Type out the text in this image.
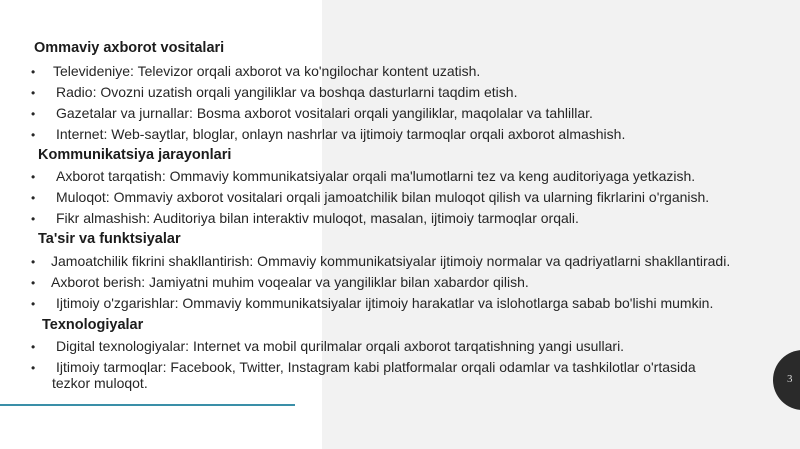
Ommaviy axborot vositalari
• Televideniye: Televizor orqali axborot va ko'ngilochar kontent uzatish.
• Radio: Ovozni uzatish orqali yangiliklar va boshqa dasturlarni taqdim etish.
• Gazetalar va jurnallar: Bosma axborot vositalari orqali yangiliklar, maqolalar va tahlillar.
• Internet: Web-saytlar, bloglar, onlayn nashrlar va ijtimoiy tarmoqlar orqali axborot almashish.
Kommunikatsiya jarayonlari
• Axborot tarqatish: Ommaviy kommunikatsiyalar orqali ma'lumotlarni tez va keng auditoriyaga yetkazish.
• Muloqot: Ommaviy axborot vositalari orqali jamoatchilik bilan muloqot qilish va ularning fikrlarini o'rganish.
• Fikr almashish: Auditoriya bilan interaktiv muloqot, masalan, ijtimoiy tarmoqlar orqali.
Ta'sir va funktsiyalar
• Jamoatchilik fikrini shakllantirish: Ommaviy kommunikatsiyalar ijtimoiy normalar va qadriyatlarni shakllantiradi.
• Axborot berish: Jamiyatni muhim voqealar va yangiliklar bilan xabardor qilish.
• Ijtimoiy o'zgarishlar: Ommaviy kommunikatsiyalar ijtimoiy harakatlar va islohotlarga sabab bo'lishi mumkin.
Texnologiyalar
• Digital texnologiyalar: Internet va mobil qurilmalar orqali axborot tarqatishning yangi usullari.
• Ijtimoiy tarmoqlar: Facebook, Twitter, Instagram kabi platformalar orqali odamlar va tashkilotlar o'rtasida tezkor muloqot.	3
